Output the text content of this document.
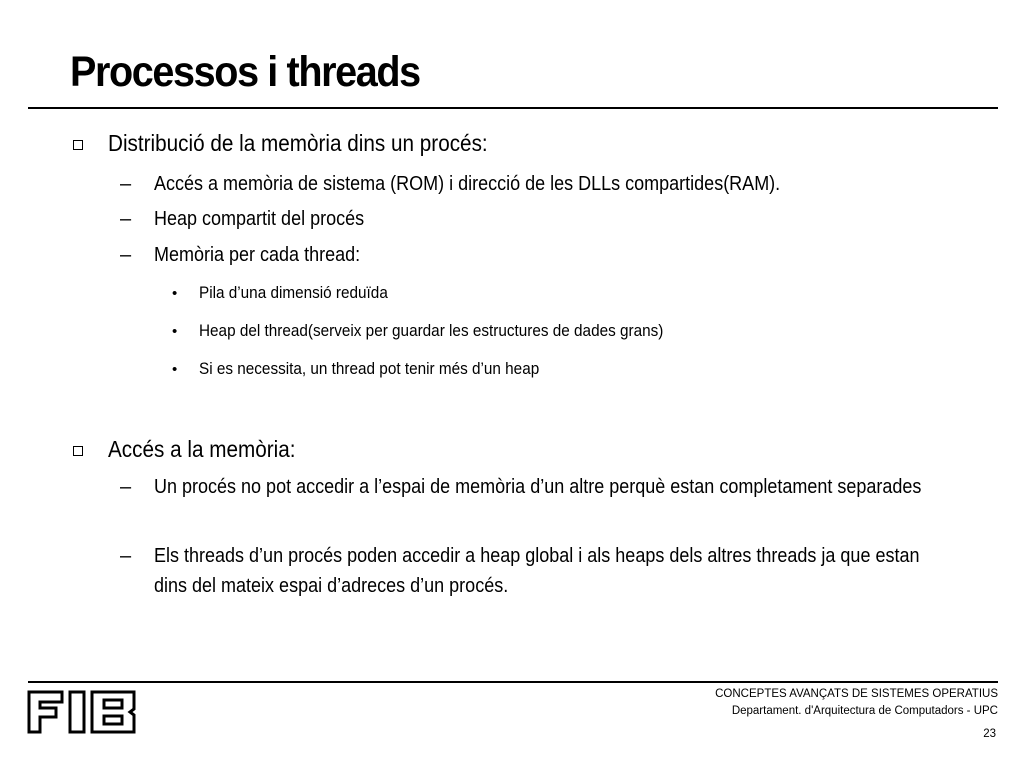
Processos i threads
Distribució de la memòria dins un procés:
– Accés a memòria de sistema (ROM) i direcció de les DLLs compartides(RAM).
– Heap compartit del procés
– Memòria per cada thread:
• Pila d’una dimensió reduïda
• Heap del thread(serveix per guardar les estructures de dades grans)
• Si es necessita, un thread pot tenir més d’un heap
Accés a la memòria:
– Un procés no pot accedir a l’espai de memòria d’un altre perquè estan completament separades
– Els threads d’un procés poden accedir a heap global i als heaps dels altres threads ja que estan dins del mateix espai d’adreces d’un procés.
CONCEPTES AVANÇATS DE SISTEMES OPERATIUS
Departament. d'Arquitectura de Computadors - UPC
23
